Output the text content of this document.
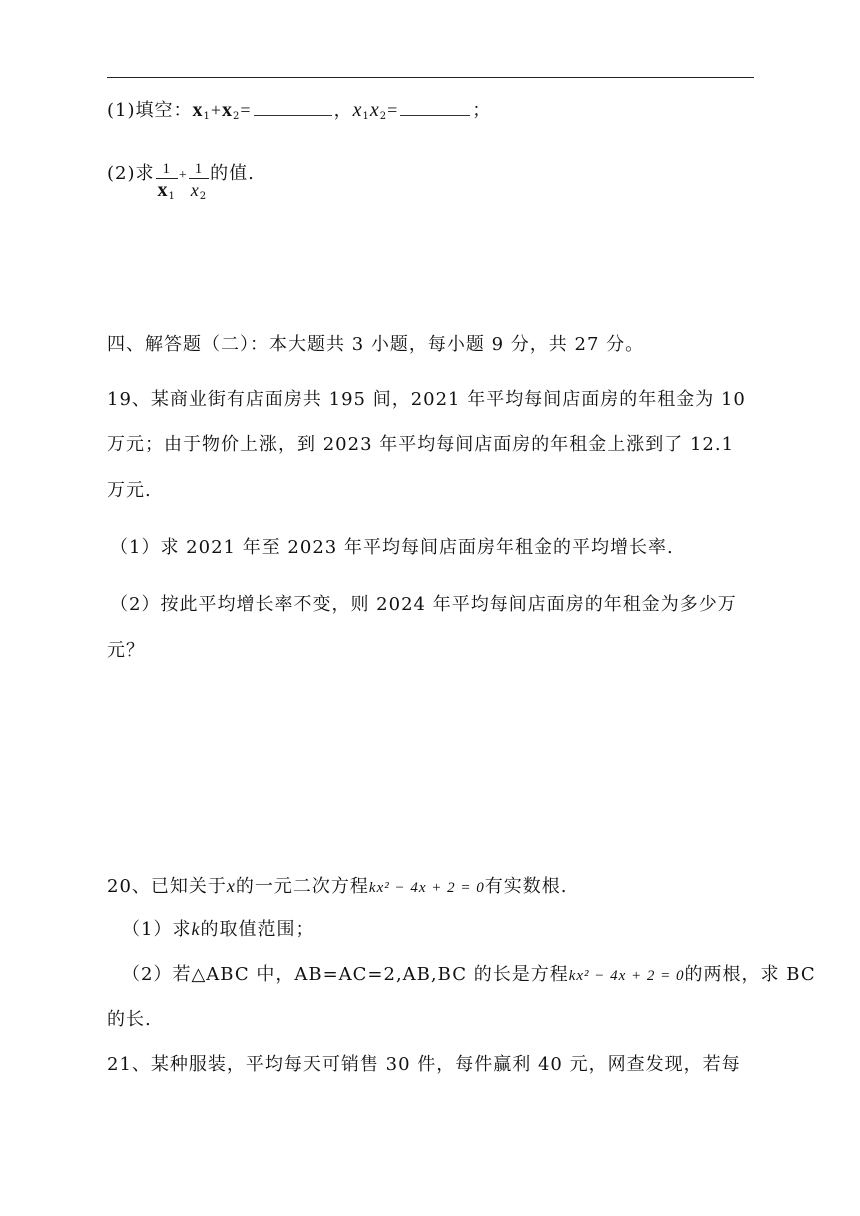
(1)填空：$x_1+x_2=$	，$x_1x_2=$	；
(2)求 $\frac{1}{x_1} + \frac{1}{x_2}$ 的值.
四、解答题（二）：本大题共 3 小题，每小题 9 分，共 27 分。
19、某商业街有店面房共 195 间，2021 年平均每间店面房的年租金为 10
万元；由于物价上涨，到 2023 年平均每间店面房的年租金上涨到了 12.1
万元.
（1）求 2021 年至 2023 年平均每间店面房年租金的平均增长率.
（2）按此平均增长率不变，则 2024 年平均每间店面房的年租金为多少万
元？
20、已知关于x的一元二次方程kx² − 4x + 2 = 0有实数根.
（1）求k的取值范围；
（2）若△ABC 中，AB=AC=2,AB,BC 的长是方程kx² − 4x + 2 = 0的两根，求 BC
的长.
21、某种服装，平均每天可销售 30 件，每件赢利 40 元，网查发现，若每
